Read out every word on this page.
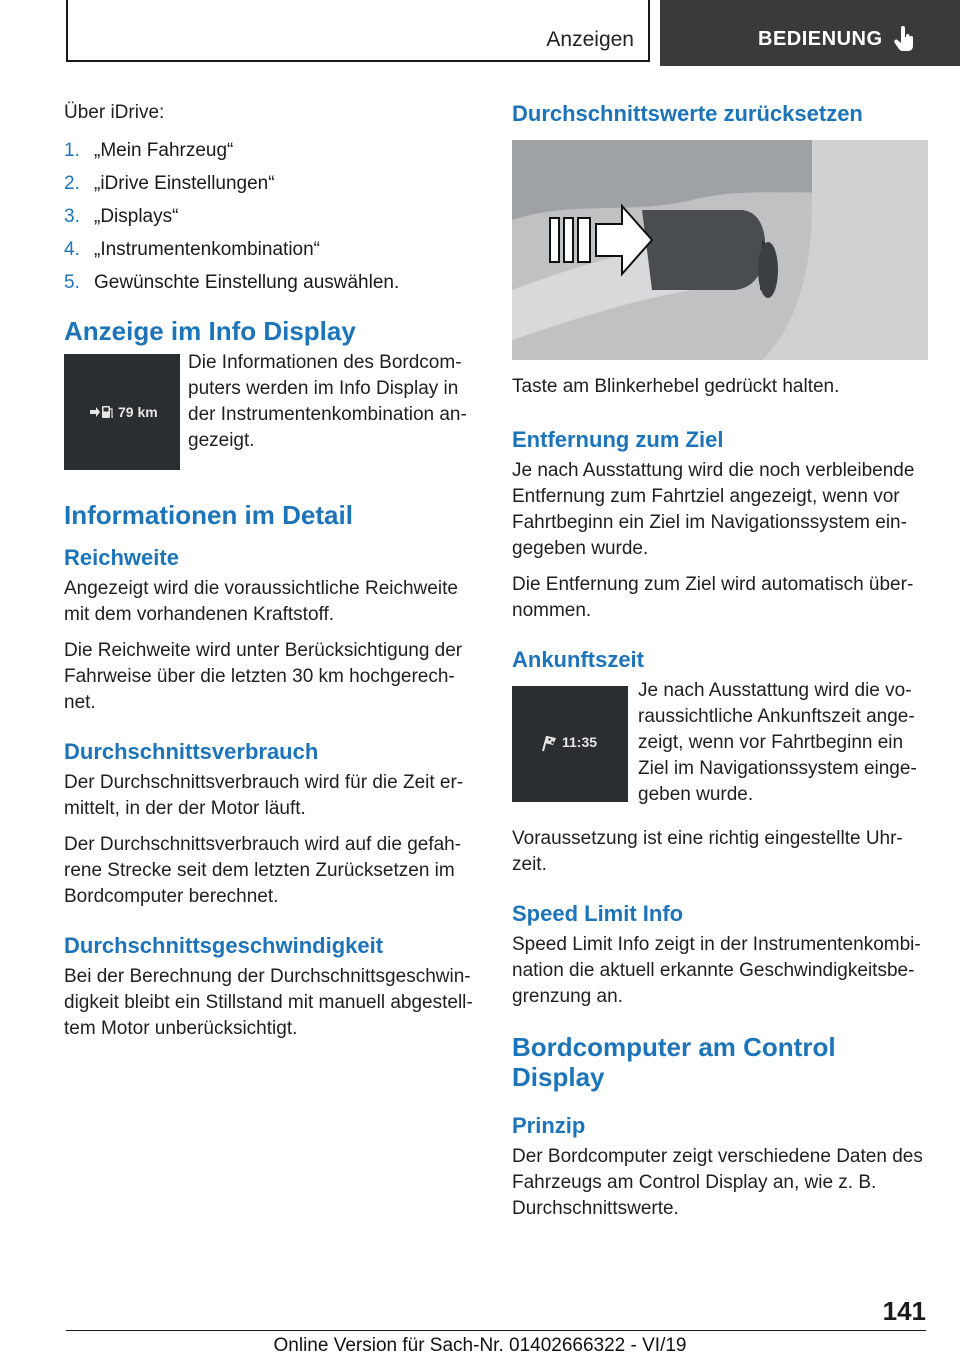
Anzeigen	BEDIENUNG

Über iDrive:

1. „Mein Fahrzeug“
2. „iDrive Einstellungen“
3. „Displays“
4. „Instrumentenkombination“
5. Gewünschte Einstellung auswählen.
Anzeige im Info Display
79 km

Die Informationen des Bordcom-puters werden im Info Display in der Instrumentenkombination an-gezeigt.

Informationen im Detail
Reichweite

Angezeigt wird die voraussichtliche Reichweite mit dem vorhandenen Kraftstoff.

Die Reichweite wird unter Berücksichtigung der Fahrweise über die letzten 30 km hochgerech-net.

Durchschnittsverbrauch

Der Durchschnittsverbrauch wird für die Zeit er-mittelt, in der der Motor läuft.

Der Durchschnittsverbrauch wird auf die gefah-rene Strecke seit dem letzten Zurücksetzen im Bordcomputer berechnet.

Durchschnittsgeschwindigkeit

Bei der Berechnung der Durchschnittsgeschwin-digkeit bleibt ein Stillstand mit manuell abgestell-tem Motor unberücksichtigt.

Durchschnittswerte zurücksetzen

Taste am Blinkerhebel gedrückt halten.

Entfernung zum Ziel

Je nach Ausstattung wird die noch verbleibende Entfernung zum Fahrtziel angezeigt, wenn vor Fahrtbeginn ein Ziel im Navigationssystem ein-gegeben wurde.

Die Entfernung zum Ziel wird automatisch über-nommen.

Ankunftszeit
11:35

Je nach Ausstattung wird die vo-raussichtliche Ankunftszeit ange-zeigt, wenn vor Fahrtbeginn ein Ziel im Navigationssystem einge-geben wurde.

Voraussetzung ist eine richtig eingestellte Uhr-zeit.

Speed Limit Info

Speed Limit Info zeigt in der Instrumentenkombi-nation die aktuell erkannte Geschwindigkeitsbe-grenzung an.

Bordcomputer am Control Display
Prinzip

Der Bordcomputer zeigt verschiedene Daten des Fahrzeugs am Control Display an, wie z. B. Durchschnittswerte.

141
Online Version für Sach-Nr. 01402666322 - VI/19
